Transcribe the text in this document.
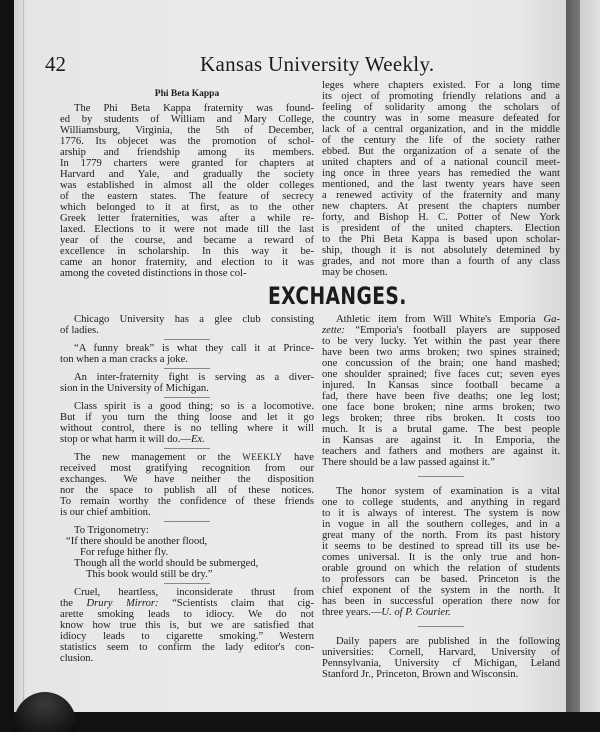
42	Kansas University Weekly.
Phi Beta Kappa
The Phi Beta Kappa fraternity was found-
ed by students of William and Mary College,
Williamsburg, Virginia, the 5th of December,
1776. Its objecet was the promotion of schol-
arship and friendship among its members.
In 1779 charters were granted for chapters at
Harvard and Yale, and gradually the society
was established in almost all the older colleges
of the eastern states. The feature of secrecy
which belonged to it at first, as to the other
Greek letter fraternities, was after a while re-
laxed. Elections to it were not made till the last
year of the course, and became a reward of
excellence in scholarship. In this way it be-
came an honor fraternity, and election to it was
among the coveted distinctions in those col-
leges where chapters existed. For a long time
its oject of promoting friendly relations and a
feeling of solidarity among the scholars of
the country was in some measure defeated for
lack of a central organization, and in the middle
of the century the life of the society rather
ebbed. But the organization of a senate of the
united chapters and of a national council meet-
ing once in three years has remedied the want
mentioned, and the last twenty years have seen
a renewed activity of the fraternity and many
new chapters. At present the chapters number
forty, and Bishop H. C. Potter of New York
is president of the united chapters. Election
to the Phi Beta Kappa is based upon scholar-
ship, though it is not absolutely detemined by
grades, and not more than a fourth of any class
may be chosen.
EXCHANGES.
Chicago University has a glee club consisting
of ladies.
“A funny break” is what they call it at Prince-
ton when a man cracks a joke.
An inter-fraternity fight is serving as a diver-
sion in the University of Michigan.
Class spirit is a good thing; so is a locomotive.
But if you turn the thing loose and let it go
without control, there is no telling where it will
stop or what harm it will do.—Ex.
The new management or the WEEKLY have
received most gratifying recognition from our
exchanges. We have neither the disposition
nor the space to publish all of these notices.
To remain worthy the confidence of these friends
is our chief ambition.
To Trigonometry:
“If there should be another flood,
For refuge hither fly.
Though all the world should be submerged,
This book would still be dry.”
Cruel, heartless, inconsiderate thrust from
the Drury Mirror: “Scientists claim that cig-
arette smoking leads to idiocy. We do not
know how true this is, but we are satisfied that
idiocy leads to cigarette smoking.” Western
statistics seem to confirm the lady editor's con-
clusion.
Athletic item from Will White's Emporia Ga-
zette: “Emporia's football players are supposed
to be very lucky. Yet within the past year there
have been two arms broken; two spines strained;
one concussion of the brain; one hand mashed;
one shoulder sprained; five faces cut; seven eyes
injured. In Kansas since football became a
fad, there have been five deaths; one leg lost;
one face bone broken; nine arms broken; two
legs broken; three ribs broken. It costs too
much. It is a brutal game. The best people
in Kansas are against it. In Emporia, the
teachers and fathers and mothers are against it.
There should be a law passed against it.”
The honor system of examination is a vital
one to college students, and anything in regard
to it is always of interest. The system is now
in vogue in all the southern colleges, and in a
great many of the north. From its past history
it seems to be destined to spread till its use be-
comes universal. It is the only true and hon-
orable ground on which the relation of students
to professors can be based. Princeton is the
chief exponent of the system in the north. It
has been in successful operation there now for
three years.—U. of P. Courier.
Daily papers are published in the following
universities: Cornell, Harvard, University of
Pennsylvania, University cf Michigan, Leland
Stanford Jr., Princeton, Brown and Wisconsin.
